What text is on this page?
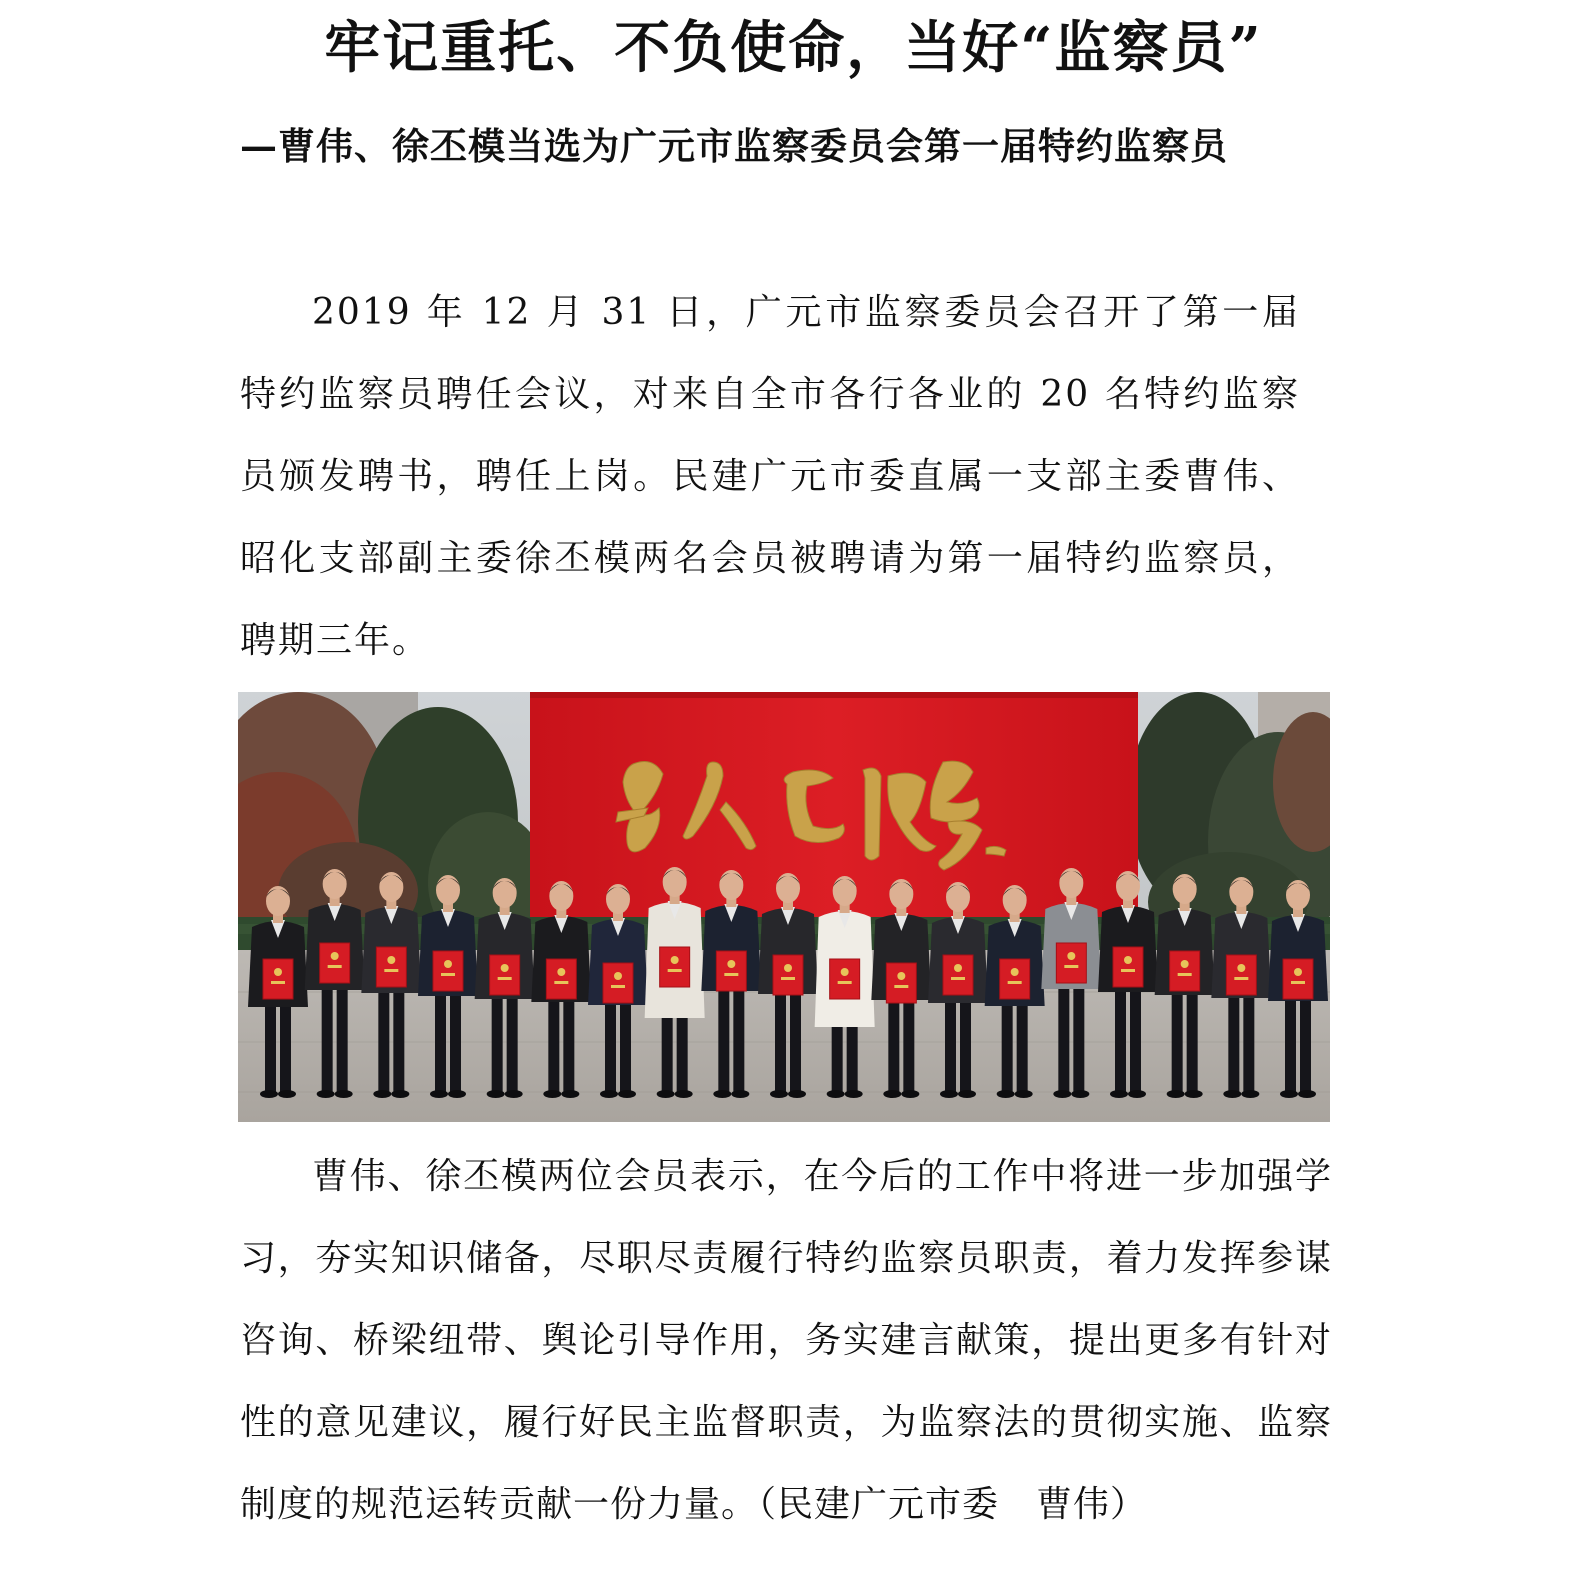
牢记重托、不负使命，当好“监察员”
—曹伟、徐丕模当选为广元市监察委员会第一届特约监察员

2019 年 12 月 31 日，广元市监察委员会召开了第一届特约监察员聘任会议，对来自全市各行各业的 20 名特约监察员颁发聘书，聘任上岗。民建广元市委直属一支部主委曹伟、昭化支部副主委徐丕模两名会员被聘请为第一届特约监察员，聘期三年。

曹伟、徐丕模两位会员表示，在今后的工作中将进一步加强学习，夯实知识储备，尽职尽责履行特约监察员职责，着力发挥参谋咨询、桥梁纽带、舆论引导作用，务实建言献策，提出更多有针对性的意见建议，履行好民主监督职责，为监察法的贯彻实施、监察制度的规范运转贡献一份力量。（民建广元市委　曹伟）
